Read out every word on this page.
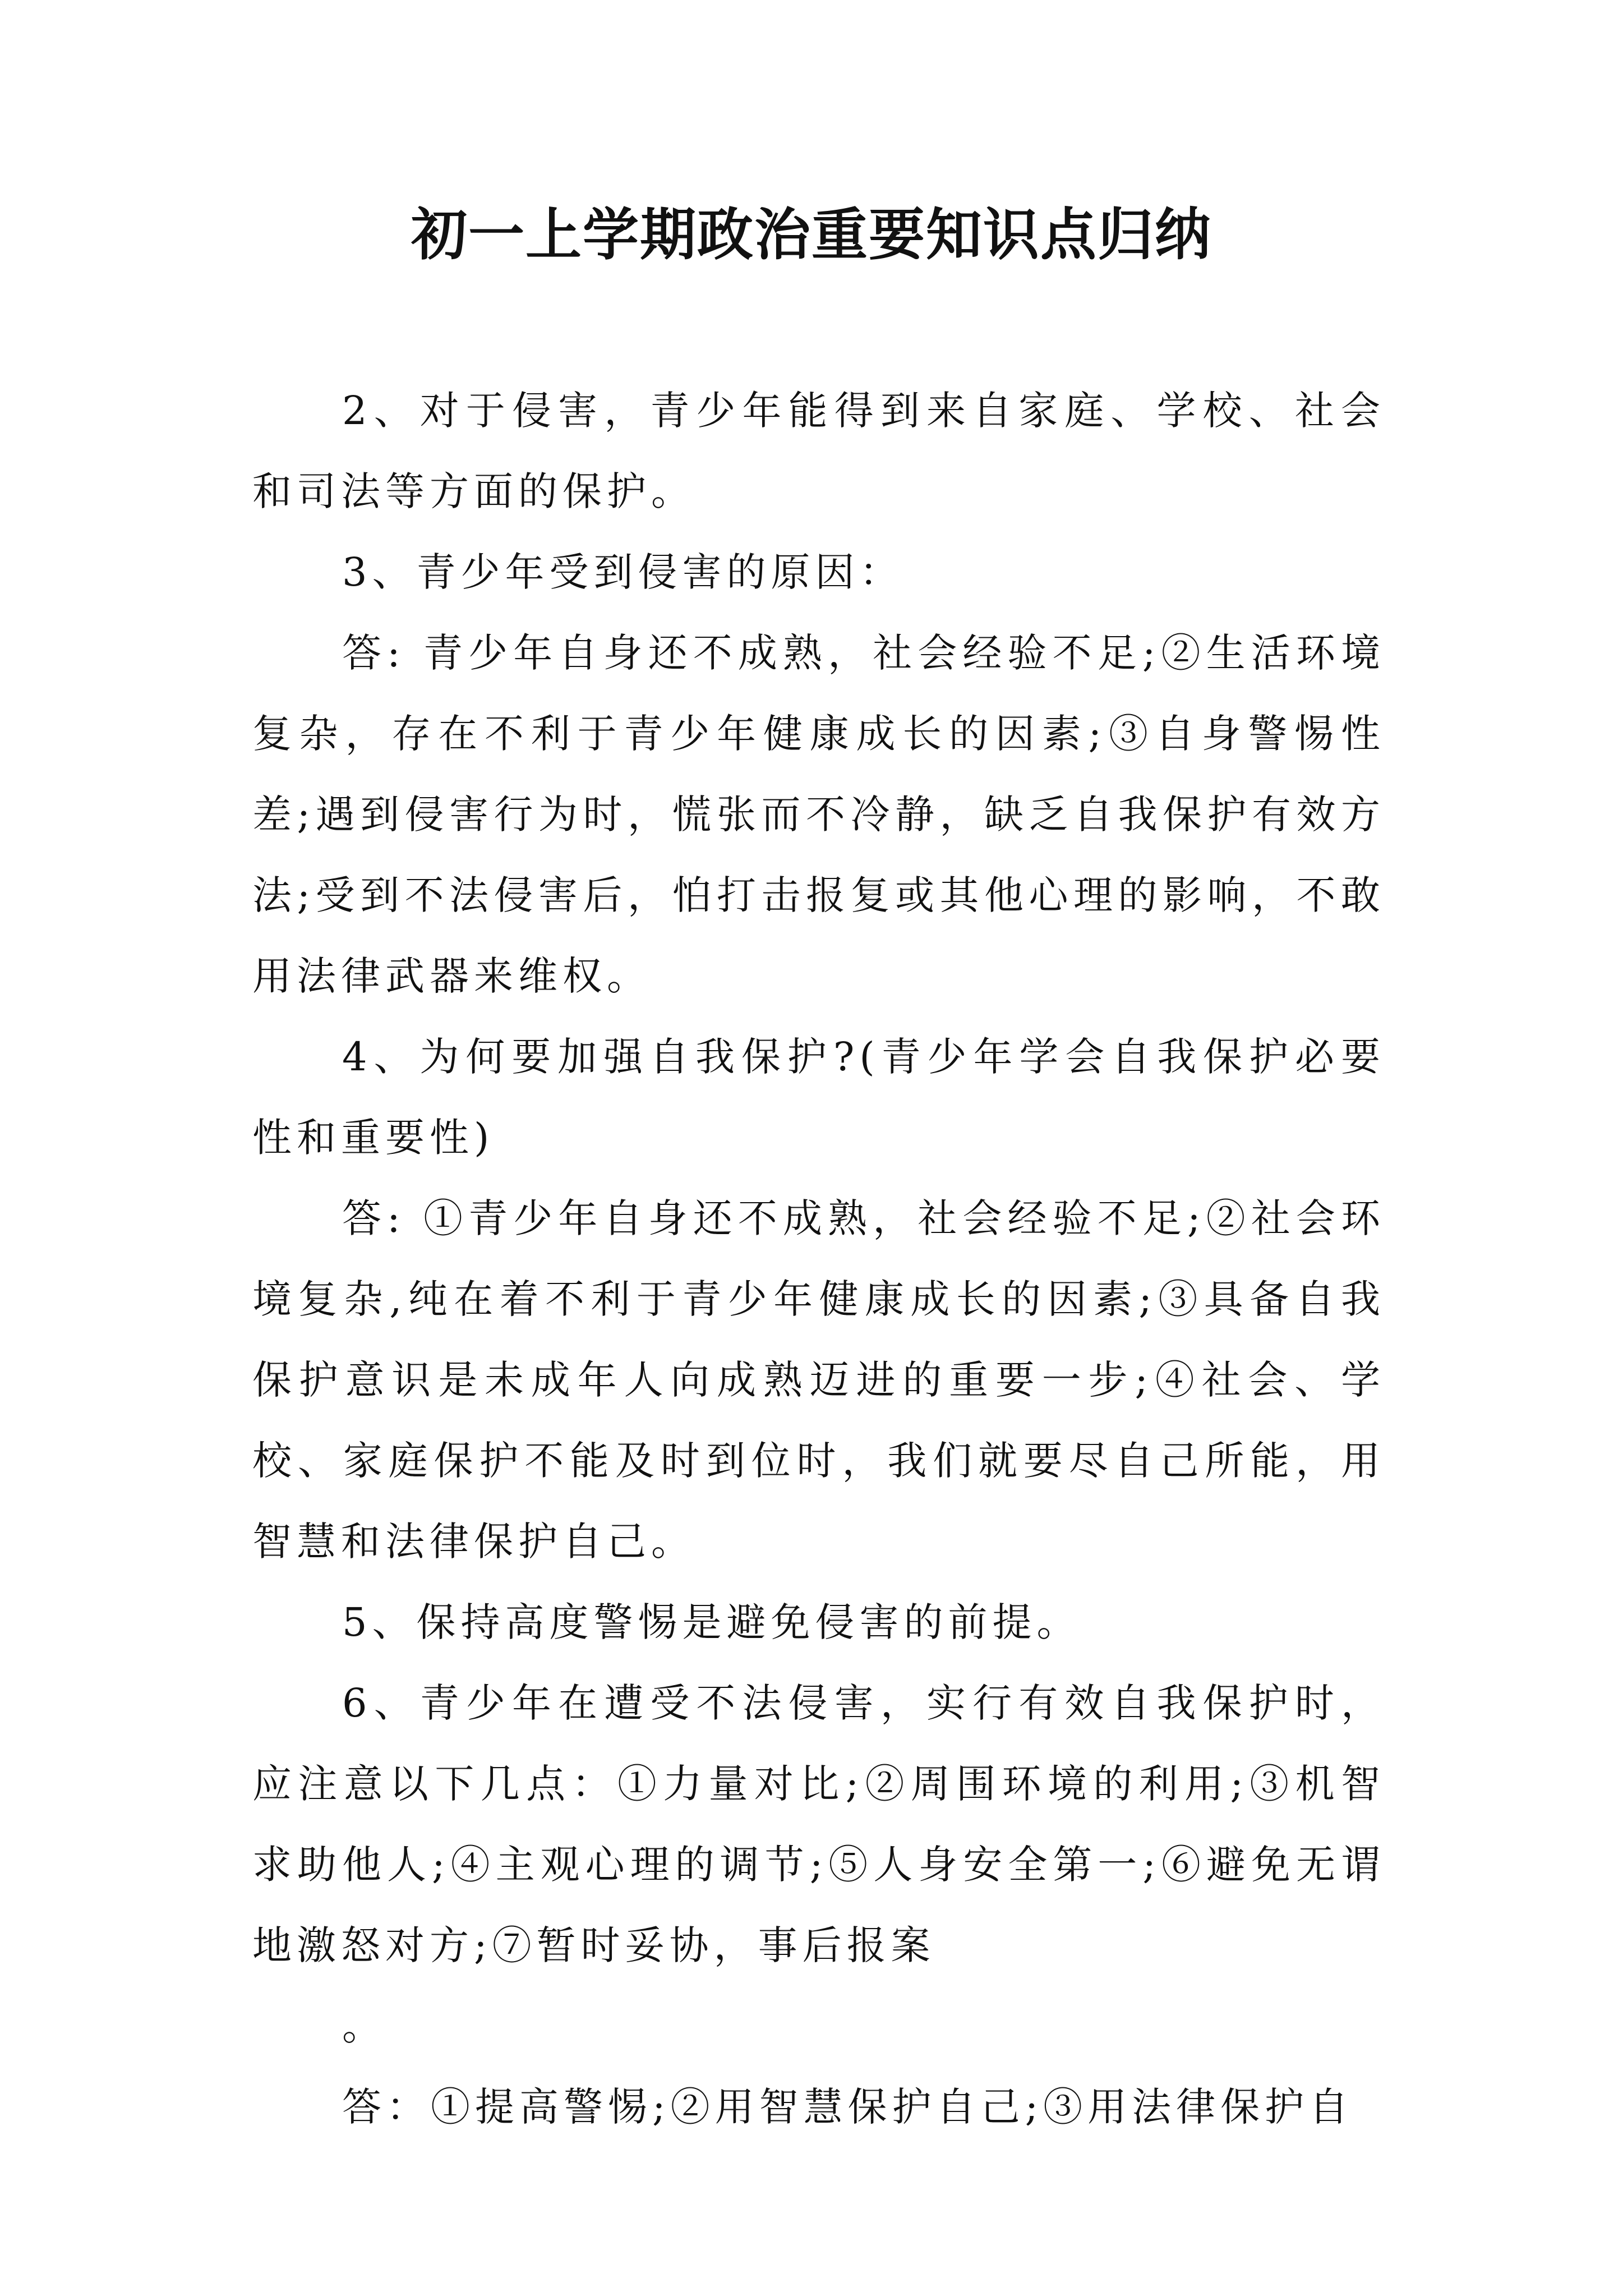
初一上学期政治重要知识点归纳

2、对于侵害，青少年能得到来自家庭、学校、社会和司法等方面的保护。

3、青少年受到侵害的原因：

答: 青少年自身还不成熟，社会经验不足;②生活环境复杂，存在不利于青少年健康成长的因素;③自身警惕性差;遇到侵害行为时，慌张而不冷静，缺乏自我保护有效方法;受到不法侵害后，怕打击报复或其他心理的影响，不敢用法律武器来维权。

4、为何要加强自我保护?(青少年学会自我保护必要性和重要性)

答: ①青少年自身还不成熟，社会经验不足;②社会环境复杂,纯在着不利于青少年健康成长的因素;③具备自我保护意识是未成年人向成熟迈进的重要一步;④社会、学校、家庭保护不能及时到位时，我们就要尽自己所能，用智慧和法律保护自己。

5、保持高度警惕是避免侵害的前提。

6、青少年在遭受不法侵害，实行有效自我保护时，应注意以下几点：①力量对比;②周围环境的利用;③机智求助他人;④主观心理的调节;⑤人身安全第一;⑥避免无谓地激怒对方;⑦暂时妥协，事后报案

。

答：①提高警惕;②用智慧保护自己;③用法律保护自
